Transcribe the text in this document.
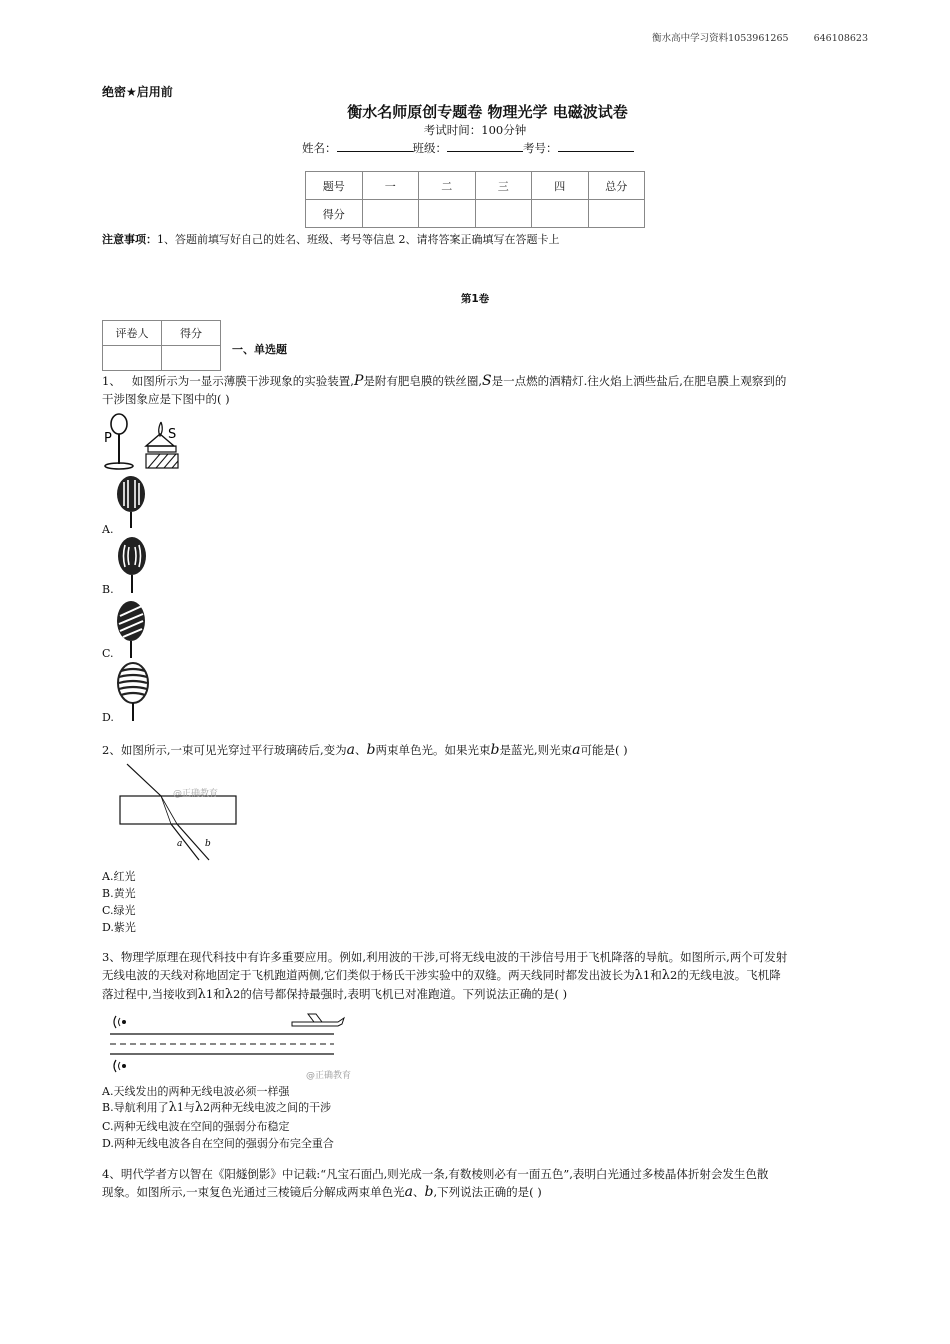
衡水高中学习资料1053961265	646108623
绝密★启用前
衡水名师原创专题卷 物理光学 电磁波试卷
考试时间：100分钟
姓名：	班级：	考号：
题号	一	二	三	四	总分
得分					
注意事项：1、答题前填写好自己的姓名、班级、考号等信息 2、请将答案正确填写在答题卡上
第1卷
评卷人	得分

一、单选题
1、 如图所示为一显示薄膜干涉现象的实验装置,P是附有肥皂膜的铁丝圈,S是一点燃的酒精灯.往火焰上洒些盐后,在肥皂膜上观察到的
干涉图象应是下图中的( )
P	S
A.
B.
C.
D.
2、如图所示,一束可见光穿过平行玻璃砖后,变为a、b两束单色光。如果光束b是蓝光,则光束a可能是( )
a	b
@正确教育
A.红光
B.黄光
C.绿光
D.紫光
3、物理学原理在现代科技中有许多重要应用。例如,利用波的干涉,可将无线电波的干涉信号用于飞机降落的导航。如图所示,两个可发射
无线电波的天线对称地固定于飞机跑道两侧,它们类似于杨氏干涉实验中的双缝。两天线同时都发出波长为λ1和λ2的无线电波。飞机降
落过程中,当接收到λ1和λ2的信号都保持最强时,表明飞机已对准跑道。下列说法正确的是( )
@正确教育
A.天线发出的两种无线电波必须一样强
B.导航利用了λ1与λ2两种无线电波之间的干涉
C.两种无线电波在空间的强弱分布稳定
D.两种无线电波各自在空间的强弱分布完全重合
4、明代学者方以智在《阳燧倒影》中记载:“凡宝石面凸,则光成一条,有数棱则必有一面五色”,表明白光通过多棱晶体折射会发生色散
现象。如图所示,一束复色光通过三棱镜后分解成两束单色光a、b,下列说法正确的是( )
